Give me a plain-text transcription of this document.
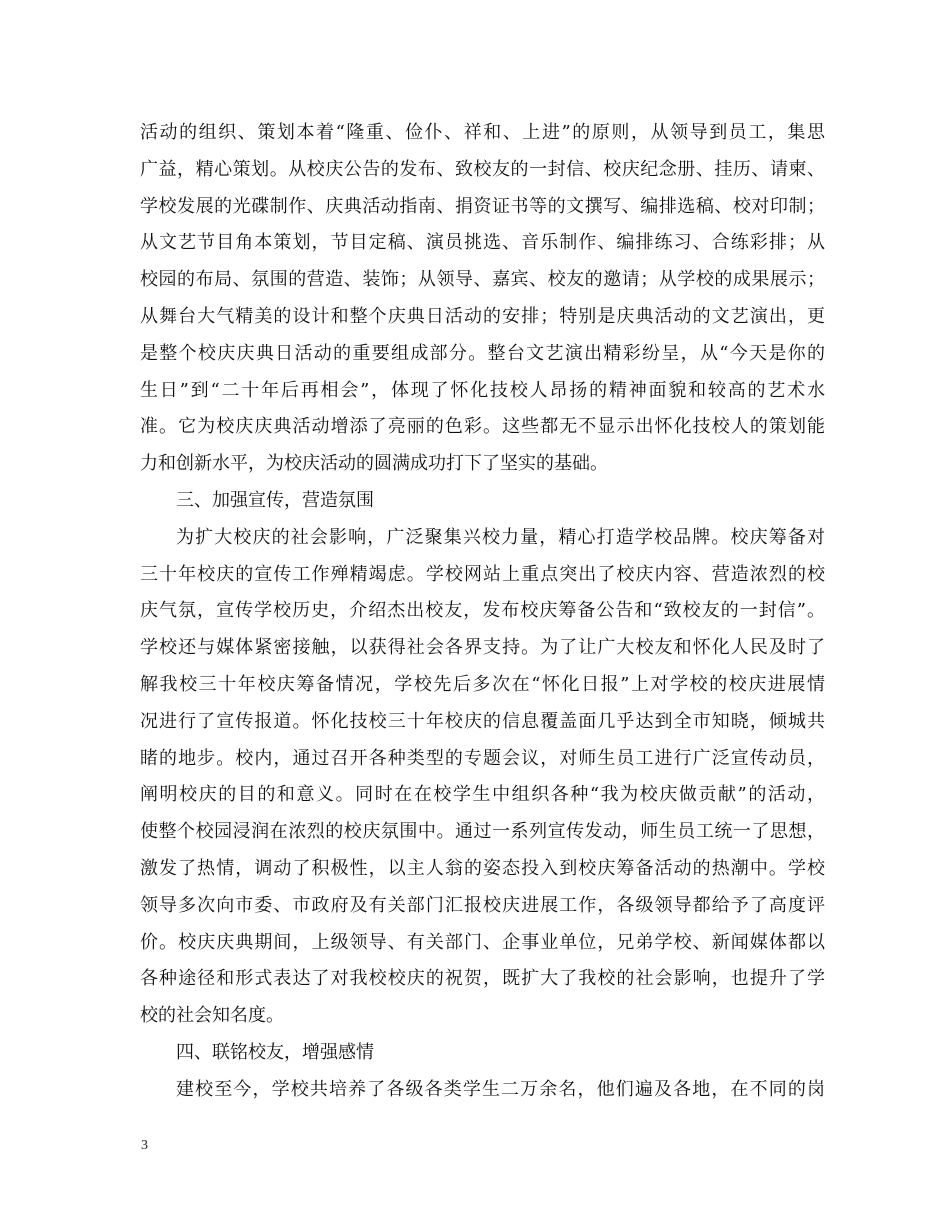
活动的组织、策划本着“隆重、俭仆、祥和、上进”的原则，从领导到员工，集思
广益，精心策划。从校庆公告的发布、致校友的一封信、校庆纪念册、挂历、请柬、
学校发展的光碟制作、庆典活动指南、捐资证书等的文撰写、编排选稿、校对印制；
从文艺节目角本策划，节目定稿、演员挑选、音乐制作、编排练习、合练彩排；从
校园的布局、氛围的营造、装饰；从领导、嘉宾、校友的邀请；从学校的成果展示；
从舞台大气精美的设计和整个庆典日活动的安排；特别是庆典活动的文艺演出，更
是整个校庆庆典日活动的重要组成部分。整台文艺演出精彩纷呈，从“今天是你的
生日”到“二十年后再相会”，体现了怀化技校人昂扬的精神面貌和较高的艺术水
准。它为校庆庆典活动增添了亮丽的色彩。这些都无不显示出怀化技校人的策划能
力和创新水平，为校庆活动的圆满成功打下了坚实的基础。
三、加强宣传，营造氛围
为扩大校庆的社会影响，广泛聚集兴校力量，精心打造学校品牌。校庆筹备对
三十年校庆的宣传工作殚精竭虑。学校网站上重点突出了校庆内容、营造浓烈的校
庆气氛，宣传学校历史，介绍杰出校友，发布校庆筹备公告和“致校友的一封信”。
学校还与媒体紧密接触，以获得社会各界支持。为了让广大校友和怀化人民及时了
解我校三十年校庆筹备情况，学校先后多次在“怀化日报”上对学校的校庆进展情
况进行了宣传报道。怀化技校三十年校庆的信息覆盖面几乎达到全市知晓，倾城共
睹的地步。校内，通过召开各种类型的专题会议，对师生员工进行广泛宣传动员，
阐明校庆的目的和意义。同时在在校学生中组织各种“我为校庆做贡献”的活动，
使整个校园浸润在浓烈的校庆氛围中。通过一系列宣传发动，师生员工统一了思想，
激发了热情，调动了积极性，以主人翁的姿态投入到校庆筹备活动的热潮中。学校
领导多次向市委、市政府及有关部门汇报校庆进展工作，各级领导都给予了高度评
价。校庆庆典期间，上级领导、有关部门、企事业单位，兄弟学校、新闻媒体都以
各种途径和形式表达了对我校校庆的祝贺，既扩大了我校的社会影响，也提升了学
校的社会知名度。
四、联铭校友，增强感情
建校至今，学校共培养了各级各类学生二万余名，他们遍及各地，在不同的岗
3
